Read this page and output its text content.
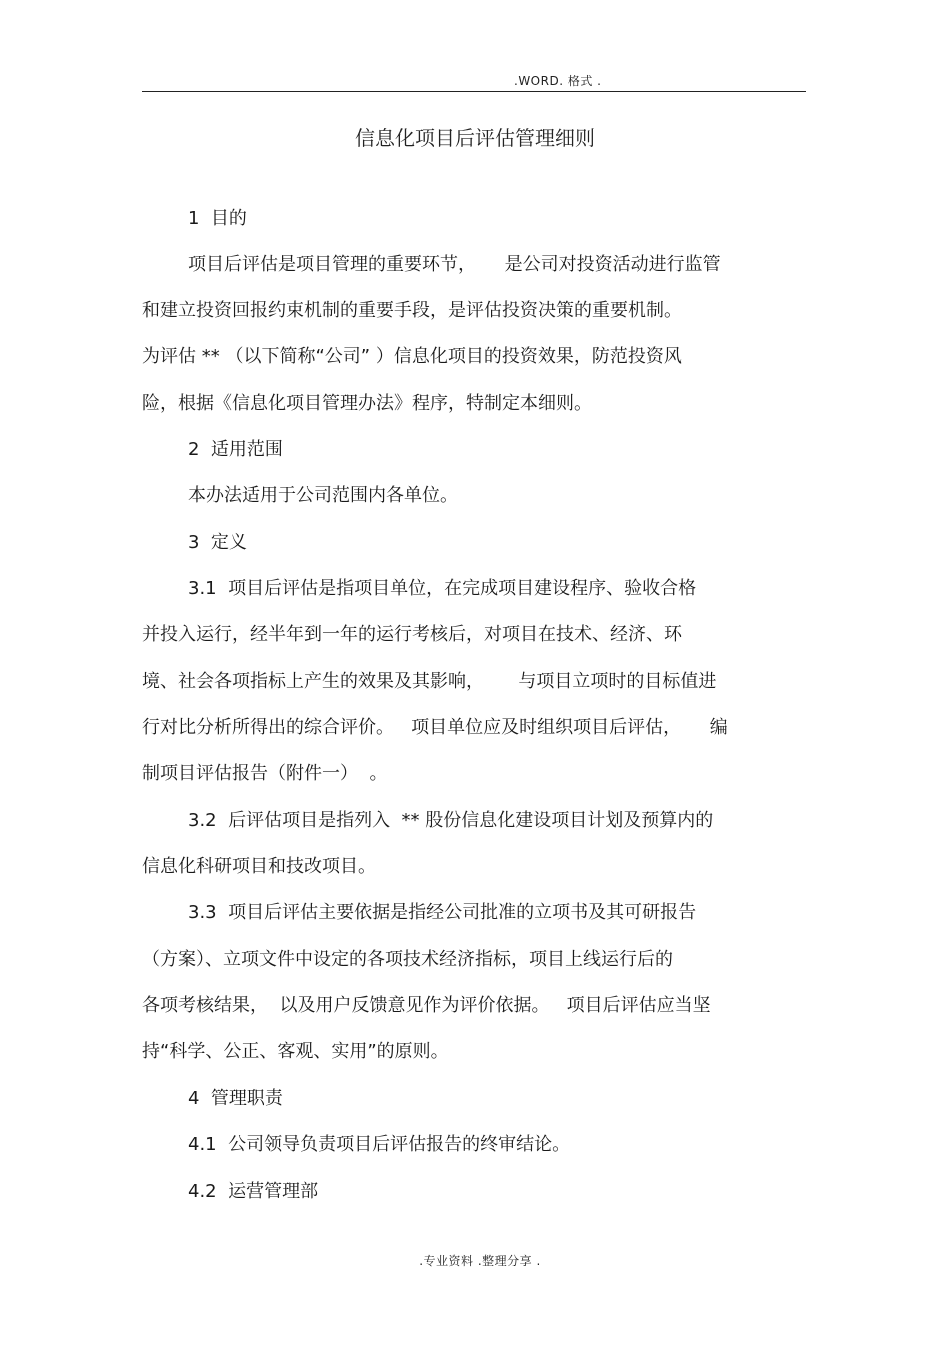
.WORD. 格式 .
信息化项目后评估管理细则
1  目的
项目后评估是项目管理的重要环节，     是公司对投资活动进行监管
和建立投资回报约束机制的重要手段，是评估投资决策的重要机制。
为评估 ** （以下简称“公司” ）信息化项目的投资效果，防范投资风
险，根据《信息化项目管理办法》程序，特制定本细则。
2  适用范围
本办法适用于公司范围内各单位。
3  定义
3.1  项目后评估是指项目单位，在完成项目建设程序、验收合格
并投入运行，经半年到一年的运行考核后，对项目在技术、经济、环
境、社会各项指标上产生的效果及其影响，      与项目立项时的目标值进
行对比分析所得出的综合评价。   项目单位应及时组织项目后评估，     编
制项目评估报告（附件一）  。
3.2  后评估项目是指列入  ** 股份信息化建设项目计划及预算内的
信息化科研项目和技改项目。
3.3  项目后评估主要依据是指经公司批准的立项书及其可研报告
（方案）、立项文件中设定的各项技术经济指标，项目上线运行后的
各项考核结果，  以及用户反馈意见作为评价依据。   项目后评估应当坚
持“科学、公正、客观、实用”的原则。
4  管理职责
4.1  公司领导负责项目后评估报告的终审结论。
4.2  运营管理部
.专业资料 .整理分享 .
